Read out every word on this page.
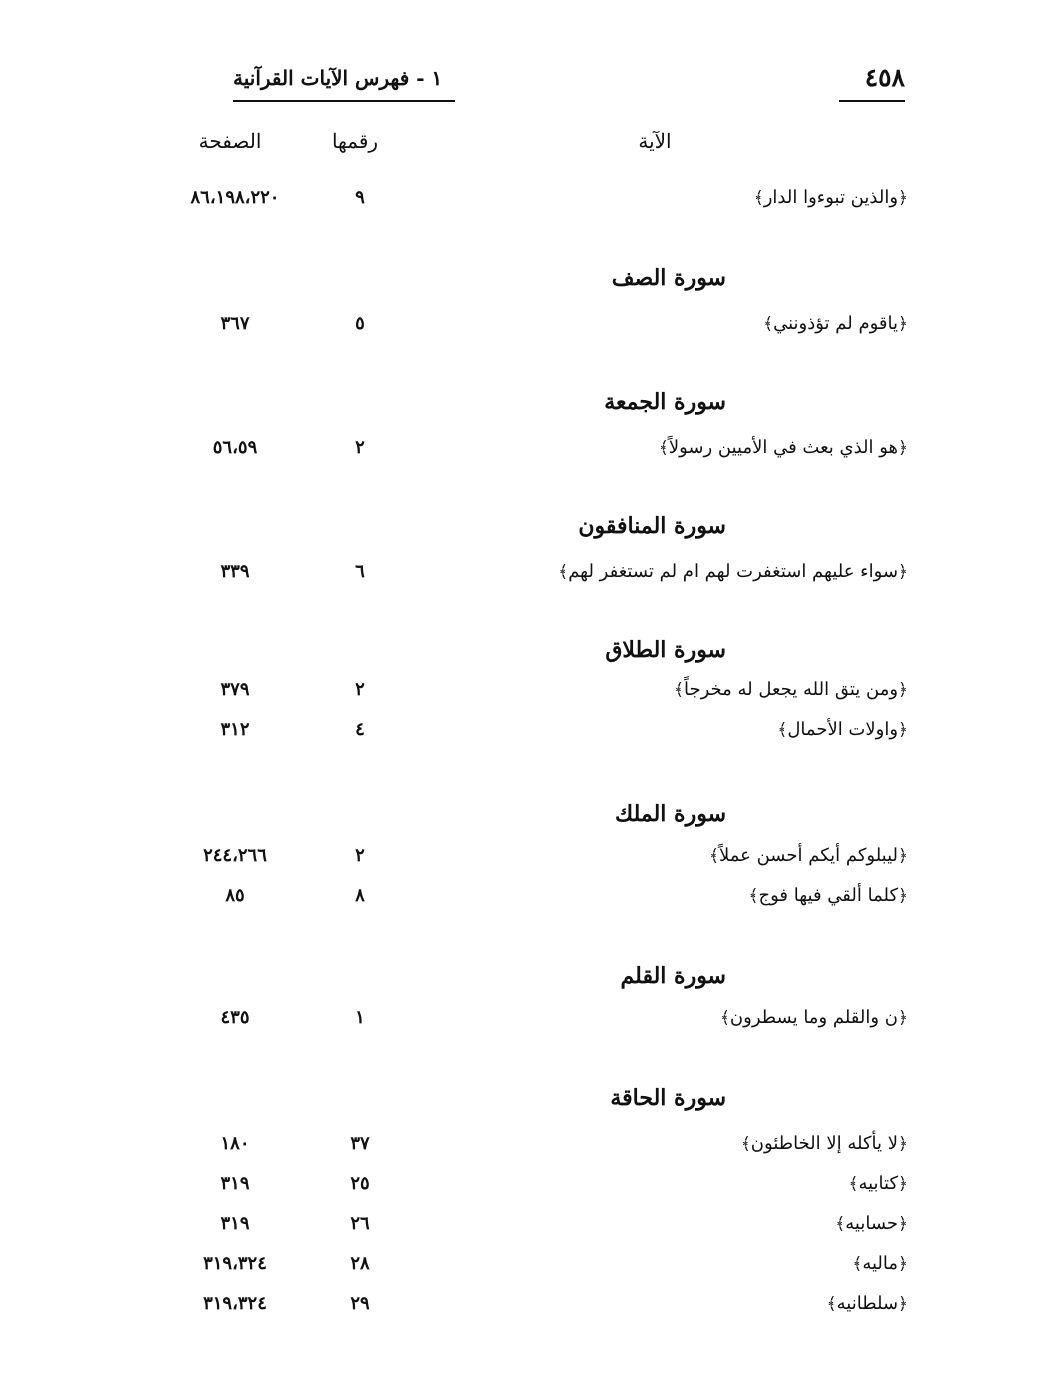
١ - فهرس الآيات القرآنية	٤٥٨
الآية
رقمها
الصفحة
﴿والذين تبوءوا الدار﴾
٩
٨٦،١٩٨،٢٢٠
سورة الصف
﴿ياقوم لم تؤذونني﴾
٥
٣٦٧
سورة الجمعة
﴿هو الذي بعث في الأميين رسولاً﴾
٢
٥٦،٥٩
سورة المنافقون
﴿سواء عليهم استغفرت لهم ام لم تستغفر لهم﴾
٦
٣٣٩
سورة الطلاق
﴿ومن يتق الله يجعل له مخرجاً﴾
٢
٣٧٩
﴿واولات الأحمال﴾
٤
٣١٢
سورة الملك
﴿ليبلوكم أيكم أحسن عملاً﴾
٢
٢٤٤،٢٦٦
﴿كلما ألقي فيها فوج﴾
٨
٨٥
سورة القلم
﴿ن والقلم وما يسطرون﴾
١
٤٣٥
سورة الحاقة
﴿لا يأكله إلا الخاطئون﴾
٣٧
١٨٠
﴿كتابيه﴾
٢٥
٣١٩
﴿حسابيه﴾
٢٦
٣١٩
﴿ماليه﴾
٢٨
٣١٩،٣٢٤
﴿سلطانيه﴾
٢٩
٣١٩،٣٢٤
